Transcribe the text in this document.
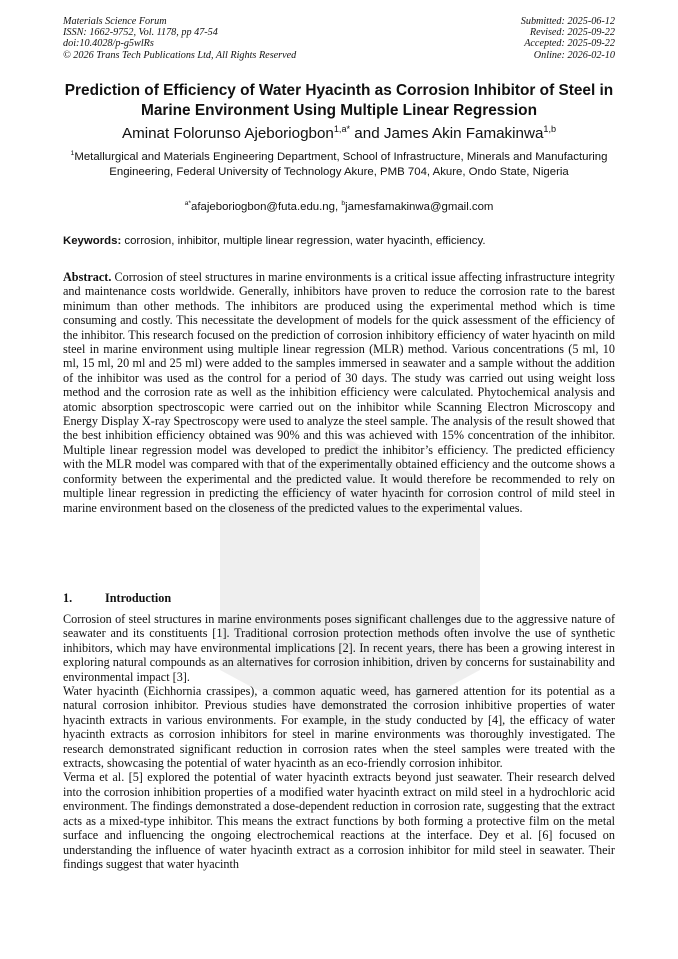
Materials Science Forum
ISSN: 1662-9752, Vol. 1178, pp 47-54
doi:10.4028/p-g5wlRs
© 2026 Trans Tech Publications Ltd, All Rights Reserved
Submitted: 2025-06-12
Revised: 2025-09-22
Accepted: 2025-09-22
Online: 2026-02-10
Prediction of Efficiency of Water Hyacinth as Corrosion Inhibitor of Steel in Marine Environment Using Multiple Linear Regression
Aminat Folorunso Ajeboriogbon$^{1,a*}$ and James Akin Famakinwa$^{1,b}$
$^1$Metallurgical and Materials Engineering Department, School of Infrastructure, Minerals and Manufacturing Engineering, Federal University of Technology Akure, PMB 704, Akure, Ondo State, Nigeria
$^{a*}$afajeboriogbon@futa.edu.ng, $^b$jamesfamakinwa@gmail.com
Keywords: corrosion, inhibitor, multiple linear regression, water hyacinth, efficiency.
Abstract. Corrosion of steel structures in marine environments is a critical issue affecting infrastructure integrity and maintenance costs worldwide. Generally, inhibitors have proven to reduce the corrosion rate to the barest minimum than other methods. The inhibitors are produced using the experimental method which is time consuming and costly. This necessitate the development of models for the quick assessment of the efficiency of the inhibitor. This research focused on the prediction of corrosion inhibitory efficiency of water hyacinth on mild steel in marine environment using multiple linear regression (MLR) method. Various concentrations (5 ml, 10 ml, 15 ml, 20 ml and 25 ml) were added to the samples immersed in seawater and a sample without the addition of the inhibitor was used as the control for a period of 30 days. The study was carried out using weight loss method and the corrosion rate as well as the inhibition efficiency were calculated. Phytochemical analysis and atomic absorption spectroscopic were carried out on the inhibitor while Scanning Electron Microscopy and Energy Display X-ray Spectroscopy were used to analyze the steel sample. The analysis of the result showed that the best inhibition efficiency obtained was 90% and this was achieved with 15% concentration of the inhibitor. Multiple linear regression model was developed to predict the inhibitor’s efficiency. The predicted efficiency with the MLR model was compared with that of the experimentally obtained efficiency and the outcome shows a conformity between the experimental and the predicted value. It would therefore be recommended to rely on multiple linear regression in predicting the efficiency of water hyacinth for corrosion control of mild steel in marine environment based on the closeness of the predicted values to the experimental values.
1.	Introduction

Corrosion of steel structures in marine environments poses significant challenges due to the aggressive nature of seawater and its constituents [1]. Traditional corrosion protection methods often involve the use of synthetic inhibitors, which may have environmental implications [2]. In recent years, there has been a growing interest in exploring natural compounds as an alternatives for corrosion inhibition, driven by concerns for sustainability and environmental impact [3].

Water hyacinth (Eichhornia crassipes), a common aquatic weed, has garnered attention for its potential as a natural corrosion inhibitor. Previous studies have demonstrated the corrosion inhibitive properties of water hyacinth extracts in various environments. For example, in the study conducted by [4], the efficacy of water hyacinth extracts as corrosion inhibitors for steel in marine environments was thoroughly investigated. The research demonstrated significant reduction in corrosion rates when the steel samples were treated with the extracts, showcasing the potential of water hyacinth as an eco-friendly corrosion inhibitor.

Verma et al. [5] explored the potential of water hyacinth extracts beyond just seawater. Their research delved into the corrosion inhibition properties of a modified water hyacinth extract on mild steel in a hydrochloric acid environment. The findings demonstrated a dose-dependent reduction in corrosion rate, suggesting that the extract acts as a mixed-type inhibitor. This means the extract functions by both forming a protective film on the metal surface and influencing the ongoing electrochemical reactions at the interface. Dey et al. [6] focused on understanding the influence of water hyacinth extract as a corrosion inhibitor for mild steel in seawater. Their findings suggest that water hyacinth
